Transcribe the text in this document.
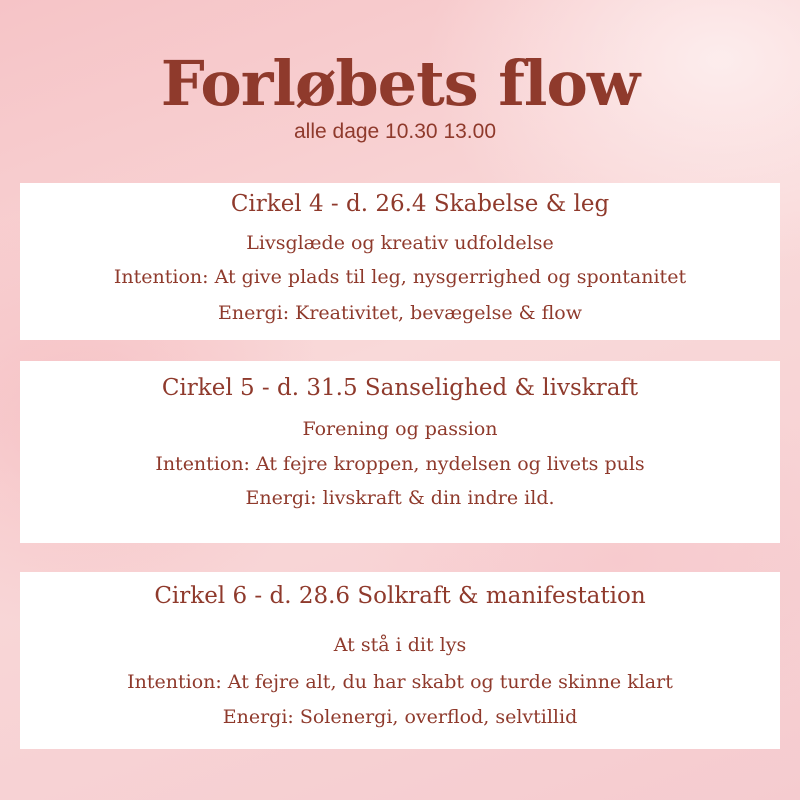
Forløbets flow
alle dage 10.30 13.00
Cirkel 4 - d. 26.4 Skabelse & leg
Livsglæde og kreativ udfoldelse
Intention: At give plads til leg, nysgerrighed og spontanitet
Energi: Kreativitet, bevægelse & flow
Cirkel 5 - d. 31.5 Sanselighed & livskraft
Forening og passion
Intention: At fejre kroppen, nydelsen og livets puls
Energi: livskraft & din indre ild.
Cirkel 6 - d. 28.6 Solkraft & manifestation
At stå i dit lys
Intention: At fejre alt, du har skabt og turde skinne klart
Energi: Solenergi, overflod, selvtillid
